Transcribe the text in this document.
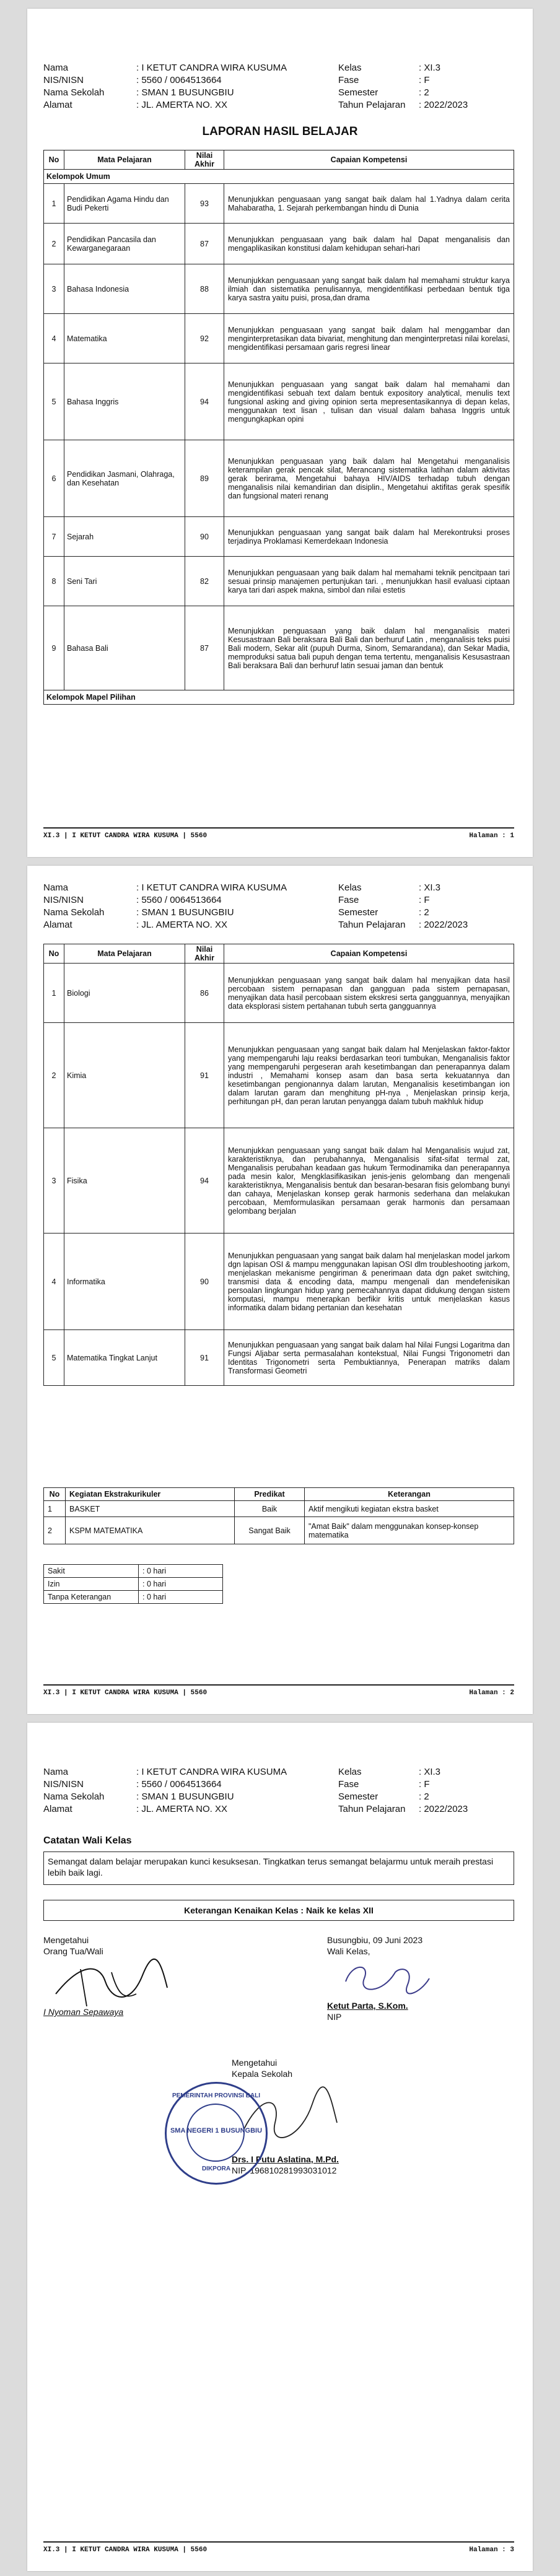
Nama	: I KETUT CANDRA WIRA KUSUMA	Kelas	: XI.3
NIS/NISN	: 5560 / 0064513664	Fase	: F
Nama Sekolah	: SMAN 1 BUSUNGBIU	Semester	: 2
Alamat	: JL. AMERTA NO. XX	Tahun Pelajaran	: 2022/2023
LAPORAN HASIL BELAJAR
No	Mata Pelajaran	Nilai Akhir	Capaian Kompetensi
Kelompok Umum			
1	Pendidikan Agama Hindu dan Budi Pekerti	93	Menunjukkan penguasaan yang sangat baik dalam hal 1.Yadnya dalam cerita Mahabaratha, 1. Sejarah perkembangan hindu di Dunia
2	Pendidikan Pancasila dan Kewarganegaraan	87	Menunjukkan penguasaan yang baik dalam hal Dapat menganalisis dan mengaplikasikan konstitusi dalam kehidupan sehari-hari
3	Bahasa Indonesia	88	Menunjukkan penguasaan yang sangat baik dalam hal memahami struktur karya ilmiah dan sistematika penulisannya, mengidentifikasi perbedaan bentuk tiga karya sastra yaitu puisi, prosa,dan drama
4	Matematika	92	Menunjukkan penguasaan yang sangat baik dalam hal menggambar dan menginterpretasikan data bivariat, menghitung dan menginterpretasi nilai korelasi, mengidentifikasi persamaan garis regresi linear
5	Bahasa Inggris	94	Menunjukkan penguasaan yang sangat baik dalam hal memahami dan mengidentifikasi sebuah text dalam bentuk expository analytical, menulis text fungsional asking and giving opinion serta mepresentasikannya di depan kelas, menggunakan text lisan , tulisan dan visual dalam bahasa Inggris untuk mengungkapkan opini
6	Pendidikan Jasmani, Olahraga, dan Kesehatan	89	Menunjukkan penguasaan yang baik dalam hal Mengetahui menganalisis keterampilan gerak pencak silat, Merancang sistematika latihan dalam aktivitas gerak berirama, Mengetahui bahaya HIV/AIDS terhadap tubuh dengan menganalisis nilai kemandirian dan disiplin., Mengetahui aktifitas gerak spesifik dan fungsional materi renang
7	Sejarah	90	Menunjukkan penguasaan yang sangat baik dalam hal Merekontruksi proses terjadinya Proklamasi Kemerdekaan Indonesia
8	Seni Tari	82	Menunjukkan penguasaan yang baik dalam hal memahami teknik pencitpaan tari sesuai prinsip manajemen pertunjukan tari. , menunjukkan hasil evaluasi ciptaan karya tari dari aspek makna, simbol dan nilai estetis
9	Bahasa Bali	87	Menunjukkan penguasaan yang baik dalam hal menganalisis materi Kesusastraan Bali beraksara Bali Bali dan berhuruf Latin , menganalisis teks puisi Bali modern, Sekar alit (pupuh Durma, Sinom, Semarandana), dan Sekar Madia, memproduksi satua bali pupuh dengan tema tertentu, menganalisis Kesusastraan Bali beraksara Bali dan berhuruf latin sesuai jaman dan bentuk
Kelompok Mapel Pilihan			
XI.3 | I KETUT CANDRA WIRA KUSUMA | 5560	Halaman : 1
Nama	: I KETUT CANDRA WIRA KUSUMA	Kelas	: XI.3
NIS/NISN	: 5560 / 0064513664	Fase	: F
Nama Sekolah	: SMAN 1 BUSUNGBIU	Semester	: 2
Alamat	: JL. AMERTA NO. XX	Tahun Pelajaran	: 2022/2023
No	Mata Pelajaran	Nilai Akhir	Capaian Kompetensi
1	Biologi	86	Menunjukkan penguasaan yang sangat baik dalam hal menyajikan data hasil percobaan sistem pernapasan dan gangguan pada sistem pernapasan, menyajikan data hasil percobaan sistem ekskresi serta gangguannya, menyajikan data eksplorasi sistem pertahanan tubuh serta gangguannya
2	Kimia	91	Menunjukkan penguasaan yang sangat baik dalam hal Menjelaskan faktor-faktor yang mempengaruhi laju reaksi berdasarkan teori tumbukan, Menganalisis faktor yang mempengaruhi pergeseran arah kesetimbangan dan penerapannya dalam industri , Memahami konsep asam dan basa serta kekuatannya dan kesetimbangan pengionannya dalam larutan, Menganalisis kesetimbangan ion dalam larutan garam dan menghitung pH-nya , Menjelaskan prinsip kerja, perhitungan pH, dan peran larutan penyangga dalam tubuh makhluk hidup
3	Fisika	94	Menunjukkan penguasaan yang sangat baik dalam hal Menganalisis wujud zat, karakteristiknya, dan perubahannya, Menganalisis sifat-sifat termal zat, Menganalisis perubahan keadaan gas hukum Termodinamika dan penerapannya pada mesin kalor, Mengklasifikasikan jenis-jenis gelombang dan mengenali karakteristiknya, Menganalisis bentuk dan besaran-besaran fisis gelombang bunyi dan cahaya, Menjelaskan konsep gerak harmonis sederhana dan melakukan percobaan, Memformulasikan persamaan gerak harmonis dan persamaan gelombang berjalan
4	Informatika	90	Menunjukkan penguasaan yang sangat baik dalam hal menjelaskan model jarkom dgn lapisan OSI & mampu menggunakan lapisan OSI dlm troubleshooting jarkom, menjelaskan mekanisme pengiriman & penerimaan data dgn paket switching, transmisi data & encoding data, mampu mengenali dan mendefenisikan persoalan lingkungan hidup yang pemecahannya dapat didukung dengan sistem komputasi, mampu menerapkan berfikir kritis untuk menjelaskan kasus informatika dalam bidang pertanian dan kesehatan
5	Matematika Tingkat Lanjut	91	Menunjukkan penguasaan yang sangat baik dalam hal Nilai Fungsi Logaritma dan Fungsi Aljabar serta permasalahan kontekstual, Nilai Fungsi Trigonometri dan Identitas Trigonometri serta Pembuktiannya, Penerapan matriks dalam Transformasi Geometri
No	Kegiatan Ekstrakurikuler	Predikat	Keterangan
1	BASKET	Baik	Aktif mengikuti kegiatan ekstra basket
2	KSPM MATEMATIKA	Sangat Baik	"Amat Baik" dalam menggunakan konsep-konsep matematika
Sakit	: 0 hari
Izin	: 0 hari
Tanpa Keterangan	: 0 hari
XI.3 | I KETUT CANDRA WIRA KUSUMA | 5560	Halaman : 2
Nama	: I KETUT CANDRA WIRA KUSUMA	Kelas	: XI.3
NIS/NISN	: 5560 / 0064513664	Fase	: F
Nama Sekolah	: SMAN 1 BUSUNGBIU	Semester	: 2
Alamat	: JL. AMERTA NO. XX	Tahun Pelajaran	: 2022/2023
Catatan Wali Kelas
Semangat dalam belajar merupakan kunci kesuksesan. Tingkatkan terus semangat belajarmu untuk meraih prestasi lebih baik lagi.
Keterangan Kenaikan Kelas : Naik ke kelas XII
Mengetahui
Orang Tua/Wali
I Nyoman Sepawaya
Busungbiu, 09 Juni 2023
Wali Kelas,
Ketut Parta, S.Kom.
NIP
Mengetahui
Kepala Sekolah
Drs. I Putu Aslatina, M.Pd.
NIP. 196810281993031012
PEMERINTAH PROVINSI BALI
SMA NEGERI 1 BUSUNGBIU
DIKPORA
XI.3 | I KETUT CANDRA WIRA KUSUMA | 5560	Halaman : 3
